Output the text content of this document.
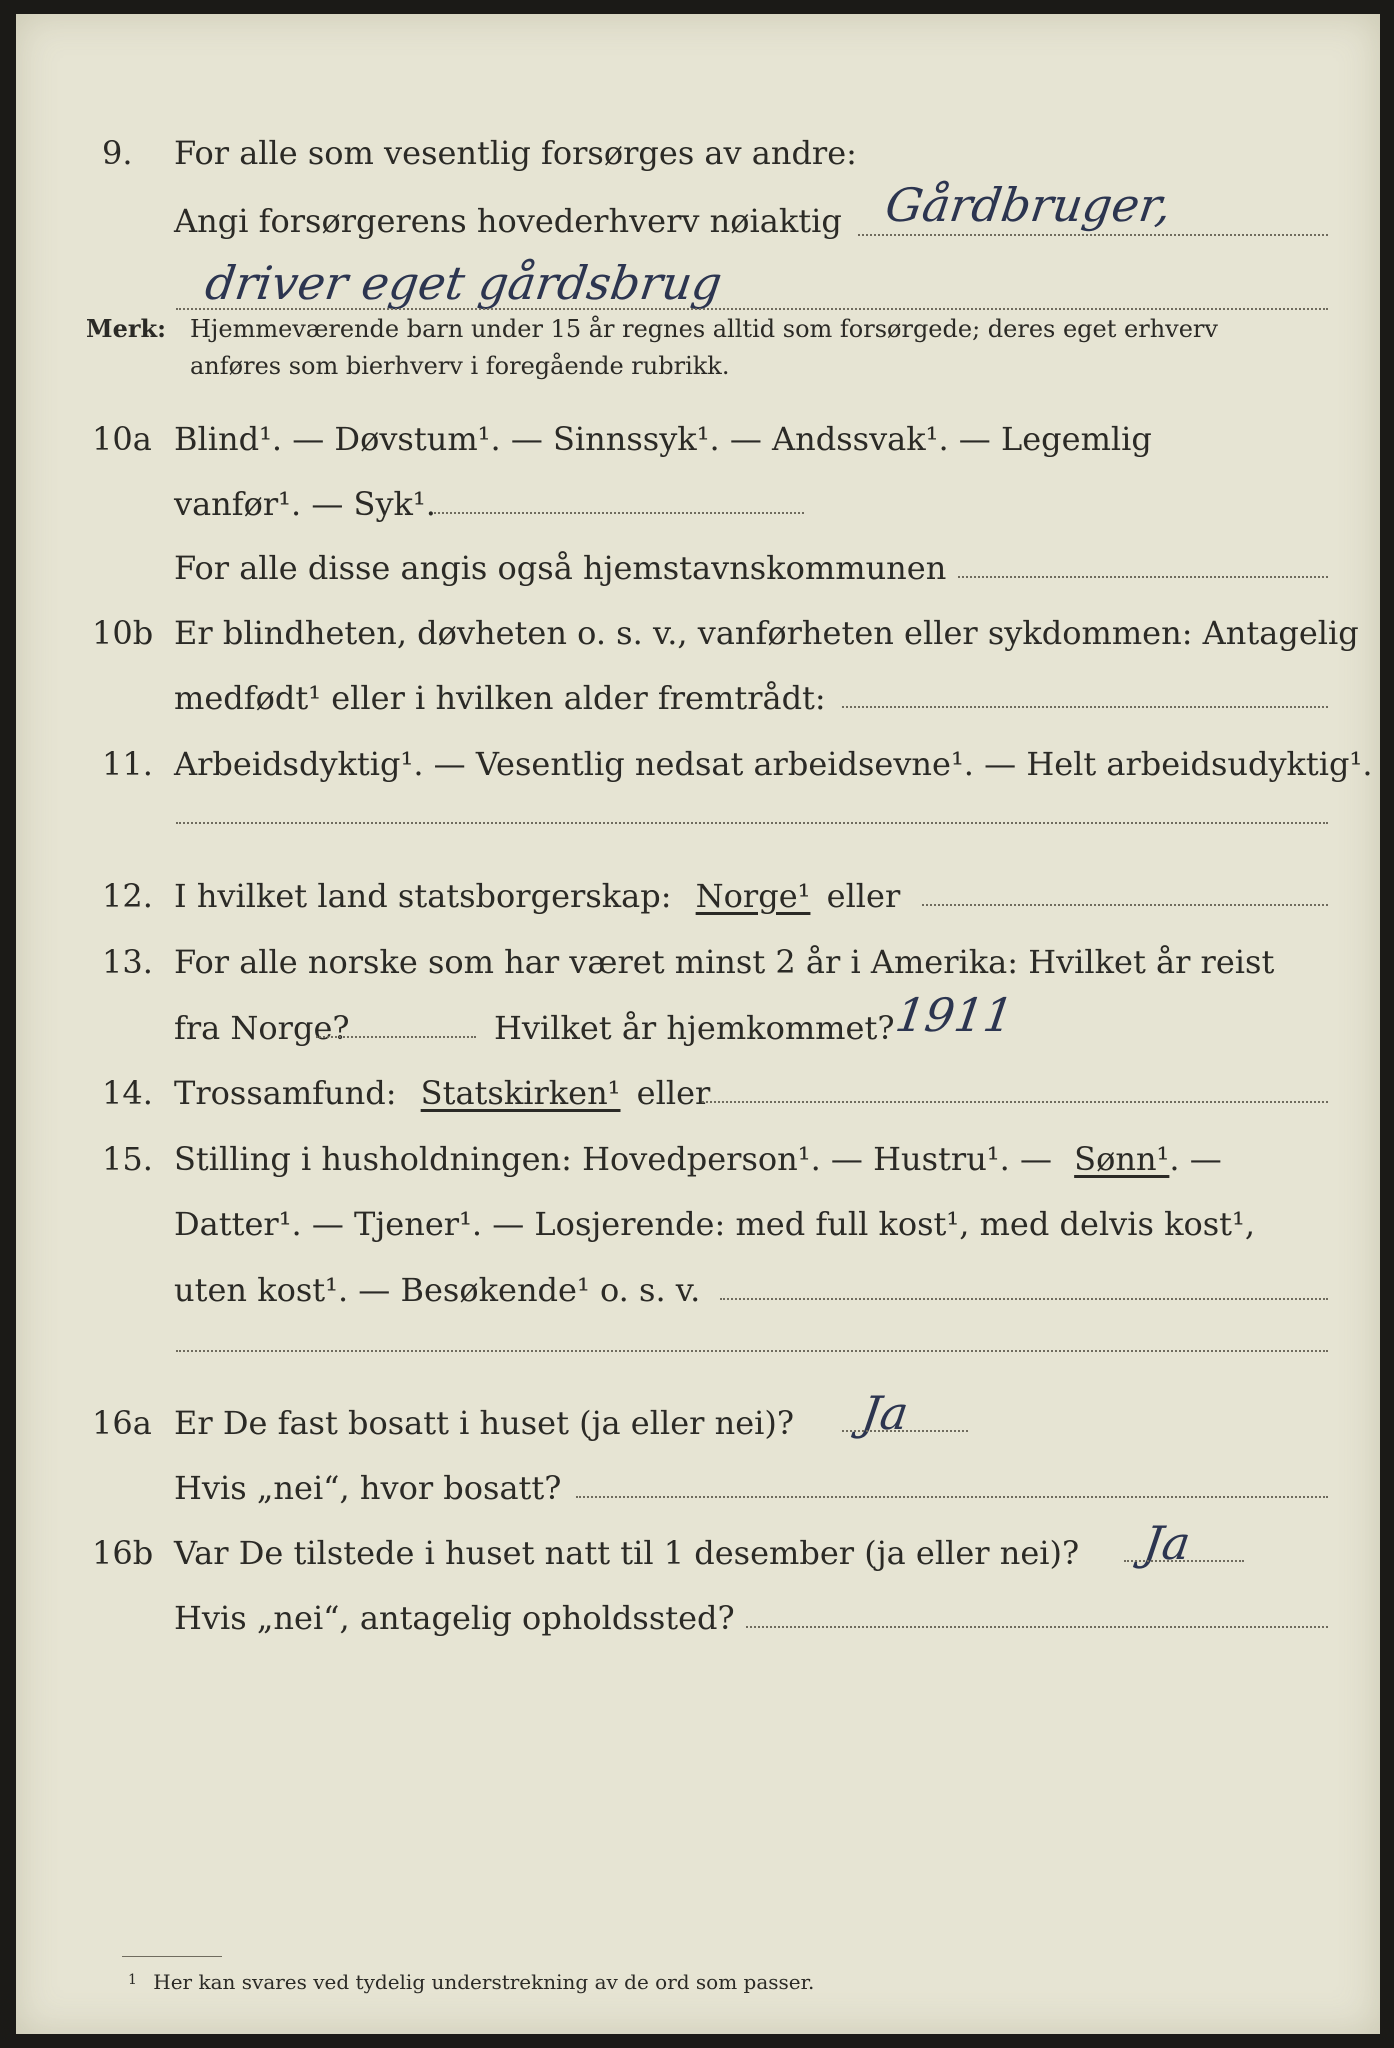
9. For alle som vesentlig forsørges av andre:
Angi forsørgerens hovederhverv nøiaktig Gårdbruger,
driver eget gårdsbrug
Merk: Hjemmeværende barn under 15 år regnes alltid som forsørgede; deres eget erhverv
anføres som bierhverv i foregående rubrikk.
10a Blind¹. — Døvstum¹. — Sinnssyk¹. — Andssvak¹. — Legemlig
vanfør¹. — Syk¹.
For alle disse angis også hjemstavnskommunen
10b Er blindheten, døvheten o. s. v., vanførheten eller sykdommen: Antagelig
medfødt¹ eller i hvilken alder fremtrådt:
11. Arbeidsdyktig¹. — Vesentlig nedsat arbeidsevne¹. — Helt arbeidsudyktig¹.
12. I hvilket land statsborgerskap: Norge¹ eller
13. For alle norske som har været minst 2 år i Amerika: Hvilket år reist
fra Norge?	Hvilket år hjemkommet?
1911
14. Trossamfund: Statskirken¹ eller
15. Stilling i husholdningen: Hovedperson¹. — Hustru¹. — Sønn¹. —
Datter¹. — Tjener¹. — Losjerende: med full kost¹, med delvis kost¹,
uten kost¹. — Besøkende¹ o. s. v.
16a Er De fast bosatt i huset (ja eller nei)? Ja
Hvis „nei“, hvor bosatt?
16b Var De tilstede i huset natt til 1 desember (ja eller nei)? Ja
Hvis „nei“, antagelig opholdssted?
$^1$ Her kan svares ved tydelig understrekning av de ord som passer.
